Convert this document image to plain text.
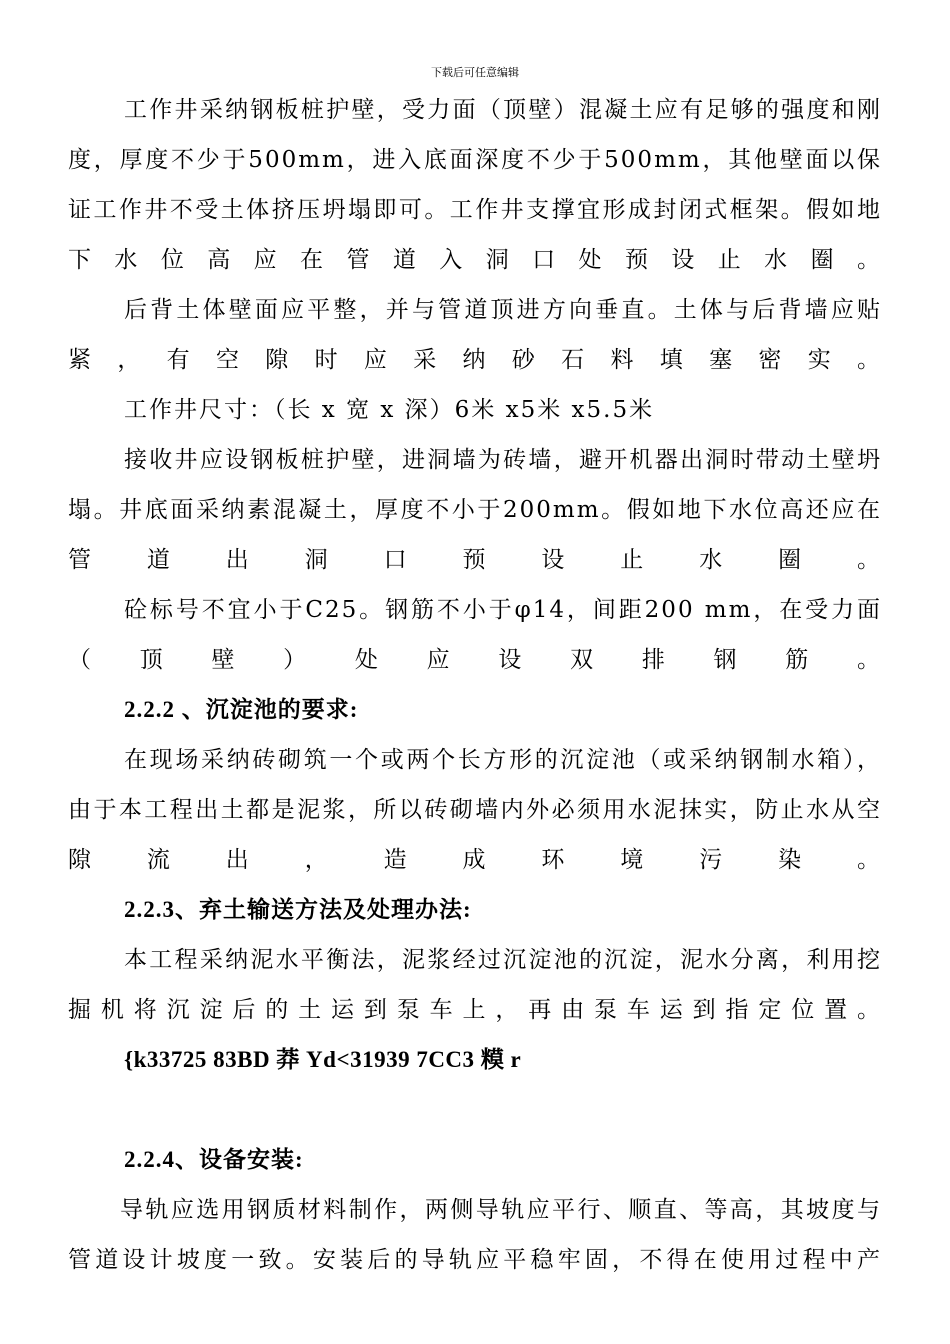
下载后可任意编辑

工作井采纳钢板桩护壁，受力面（顶壁）混凝土应有足够的强度和刚度，厚度不少于500mm，进入底面深度不少于500mm，其他壁面以保证工作井不受土体挤压坍塌即可。工作井支撑宜形成封闭式框架。假如地下水位高应在管道入洞口处预设止水圈。

后背土体壁面应平整，并与管道顶进方向垂直。土体与后背墙应贴紧，有空隙时应采纳砂石料填塞密实。

工作井尺寸：（长 x 宽 x 深）6米 x5米 x5.5米

接收井应设钢板桩护壁，进洞墙为砖墙，避开机器出洞时带动土壁坍塌。井底面采纳素混凝土，厚度不小于200mm。假如地下水位高还应在管道出洞口预设止水圈。

砼标号不宜小于C25。钢筋不小于φ14，间距200 mm，在受力面（顶壁）处应设双排钢筋。

2.2.2 、沉淀池的要求:

在现场采纳砖砌筑一个或两个长方形的沉淀池（或采纳钢制水箱），由于本工程出土都是泥浆，所以砖砌墙内外必须用水泥抹实，防止水从空隙流出，造成环境污染。

2.2.3、弃土输送方法及处理办法:

本工程采纳泥水平衡法，泥浆经过沉淀池的沉淀，泥水分离，利用挖掘机将沉淀后的土运到泵车上，再由泵车运到指定位置。

{k33725 83BD 莽 Yd<31939 7CC3 糢 r

2.2.4、设备安装:

导轨应选用钢质材料制作，两侧导轨应平行、顺直、等高，其坡度与管道设计坡度一致。安装后的导轨应平稳牢固，不得在使用过程中产
